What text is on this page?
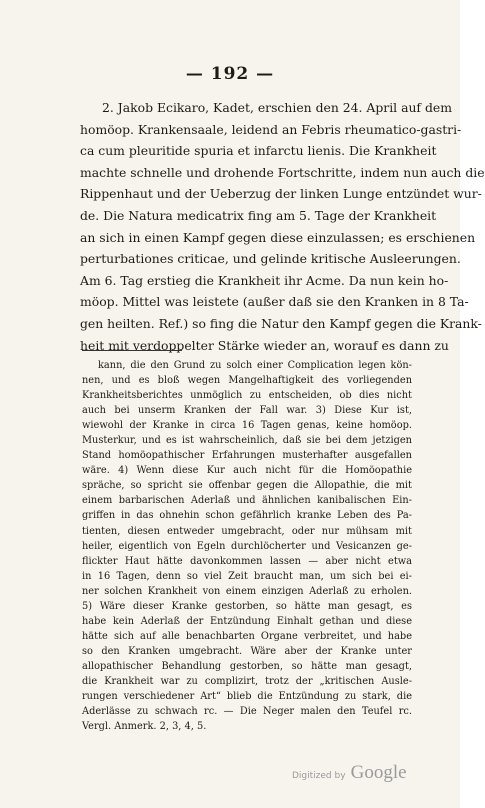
— 192 —
2. Jakob Ecikaro, Kadet, erschien den 24. April auf dem
homöop. Krankensaale, leidend an Febris rheumatico-gastri-
ca cum pleuritide spuria et infarctu lienis. Die Krankheit
machte schnelle und drohende Fortschritte, indem nun auch die
Rippenhaut und der Ueberzug der linken Lunge entzündet wur-
de. Die Natura medicatrix fing am 5. Tage der Krankheit
an sich in einen Kampf gegen diese einzulassen; es erschienen
perturbationes criticae, und gelinde kritische Ausleerungen.
Am 6. Tag erstieg die Krankheit ihr Acme. Da nun kein ho-
möop. Mittel was leistete (außer daß sie den Kranken in 8 Ta-
gen heilten. Ref.) so fing die Natur den Kampf gegen die Krank-
heit mit verdoppelter Stärke wieder an, worauf es dann zu
kann, die den Grund zu solch einer Complication legen kön-
nen, und es bloß wegen Mangelhaftigkeit des vorliegenden
Krankheitsberichtes unmöglich zu entscheiden, ob dies nicht
auch bei unserm Kranken der Fall war. 3) Diese Kur ist,
wiewohl der Kranke in circa 16 Tagen genas, keine homöop.
Musterkur, und es ist wahrscheinlich, daß sie bei dem jetzigen
Stand homöopathischer Erfahrungen musterhafter ausgefallen
wäre. 4) Wenn diese Kur auch nicht für die Homöopathie
spräche, so spricht sie offenbar gegen die Allopathie, die mit
einem barbarischen Aderlaß und ähnlichen kanibalischen Ein-
griffen in das ohnehin schon gefährlich kranke Leben des Pa-
tienten, diesen entweder umgebracht, oder nur mühsam mit
heiler, eigentlich von Egeln durchlöcherter und Vesicanzen ge-
flickter Haut hätte davonkommen lassen — aber nicht etwa
in 16 Tagen, denn so viel Zeit braucht man, um sich bei ei-
ner solchen Krankheit von einem einzigen Aderlaß zu erholen.
5) Wäre dieser Kranke gestorben, so hätte man gesagt, es
habe kein Aderlaß der Entzündung Einhalt gethan und diese
hätte sich auf alle benachbarten Organe verbreitet, und habe
so den Kranken umgebracht. Wäre aber der Kranke unter
allopathischer Behandlung gestorben, so hätte man gesagt,
die Krankheit war zu complizirt, trotz der „kritischen Ausle-
rungen verschiedener Art“ blieb die Entzündung zu stark, die
Aderlässe zu schwach rc. — Die Neger malen den Teufel rc.
Vergl. Anmerk. 2, 3, 4, 5.
Digitized by Google
